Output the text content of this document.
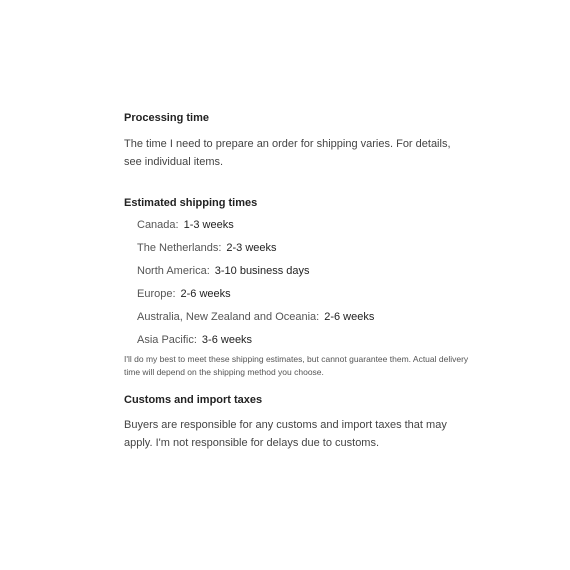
Processing time

The time I need to prepare an order for shipping varies. For details, see individual items.

Estimated shipping times
Canada: 1-3 weeks
The Netherlands: 2-3 weeks
North America: 3-10 business days
Europe: 2-6 weeks
Australia, New Zealand and Oceania: 2-6 weeks
Asia Pacific: 3-6 weeks

I'll do my best to meet these shipping estimates, but cannot guarantee them. Actual delivery time will depend on the shipping method you choose.

Customs and import taxes

Buyers are responsible for any customs and import taxes that may apply. I'm not responsible for delays due to customs.
